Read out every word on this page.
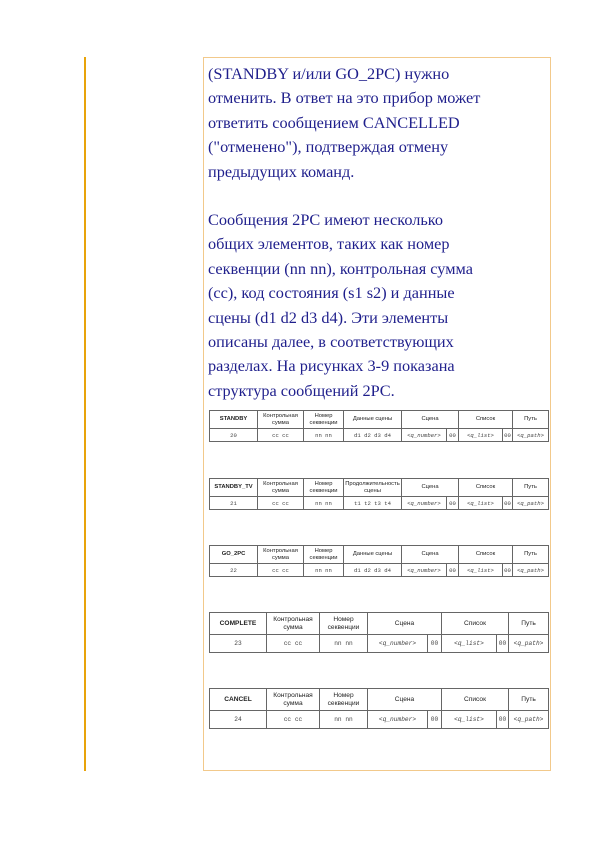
(STANDBY и/или GO_2PC) нужно
отменить. В ответ на это прибор может
ответить сообщением CANCELLED
("отменено"), подтверждая отмену
предыдущих команд.
Сообщения 2PC имеют несколько
общих элементов, таких как номер
секвенции (nn nn), контрольная сумма
(cc), код состояния (s1 s2) и данные
сцены (d1 d2 d3 d4). Эти элементы
описаны далее, в соответствующих
разделах. На рисунках 3-9 показана
структура сообщений 2PC.
STANDBY	Контрольная сумма	Номер секвенции	Данные сцены	Сцена		Список		Путь
20	cc cc	nn nn	d1 d2 d3 d4	<q_number>	00	<q_list>	00	<q_path>
STANDBY_TV	Контрольная сумма	Номер секвенции	Продолжительность сцены	Сцена		Список		Путь
21	cc cc	nn nn	t1 t2 t3 t4	<q_number>	00	<q_list>	00	<q_path>
GO_2PC	Контрольная сумма	Номер секвенции	Данные сцены	Сцена		Список		Путь
22	cc cc	nn nn	d1 d2 d3 d4	<q_number>	00	<q_list>	00	<q_path>
COMPLETE	Контрольная сумма	Номер секвенции	Сцена		Список		Путь
23	cc cc	nn nn	<q_number>	00	<q_list>	00	<q_path>
CANCEL	Контрольная сумма	Номер секвенции	Сцена		Список		Путь
24	cc cc	nn nn	<q_number>	00	<q_list>	00	<q_path>
